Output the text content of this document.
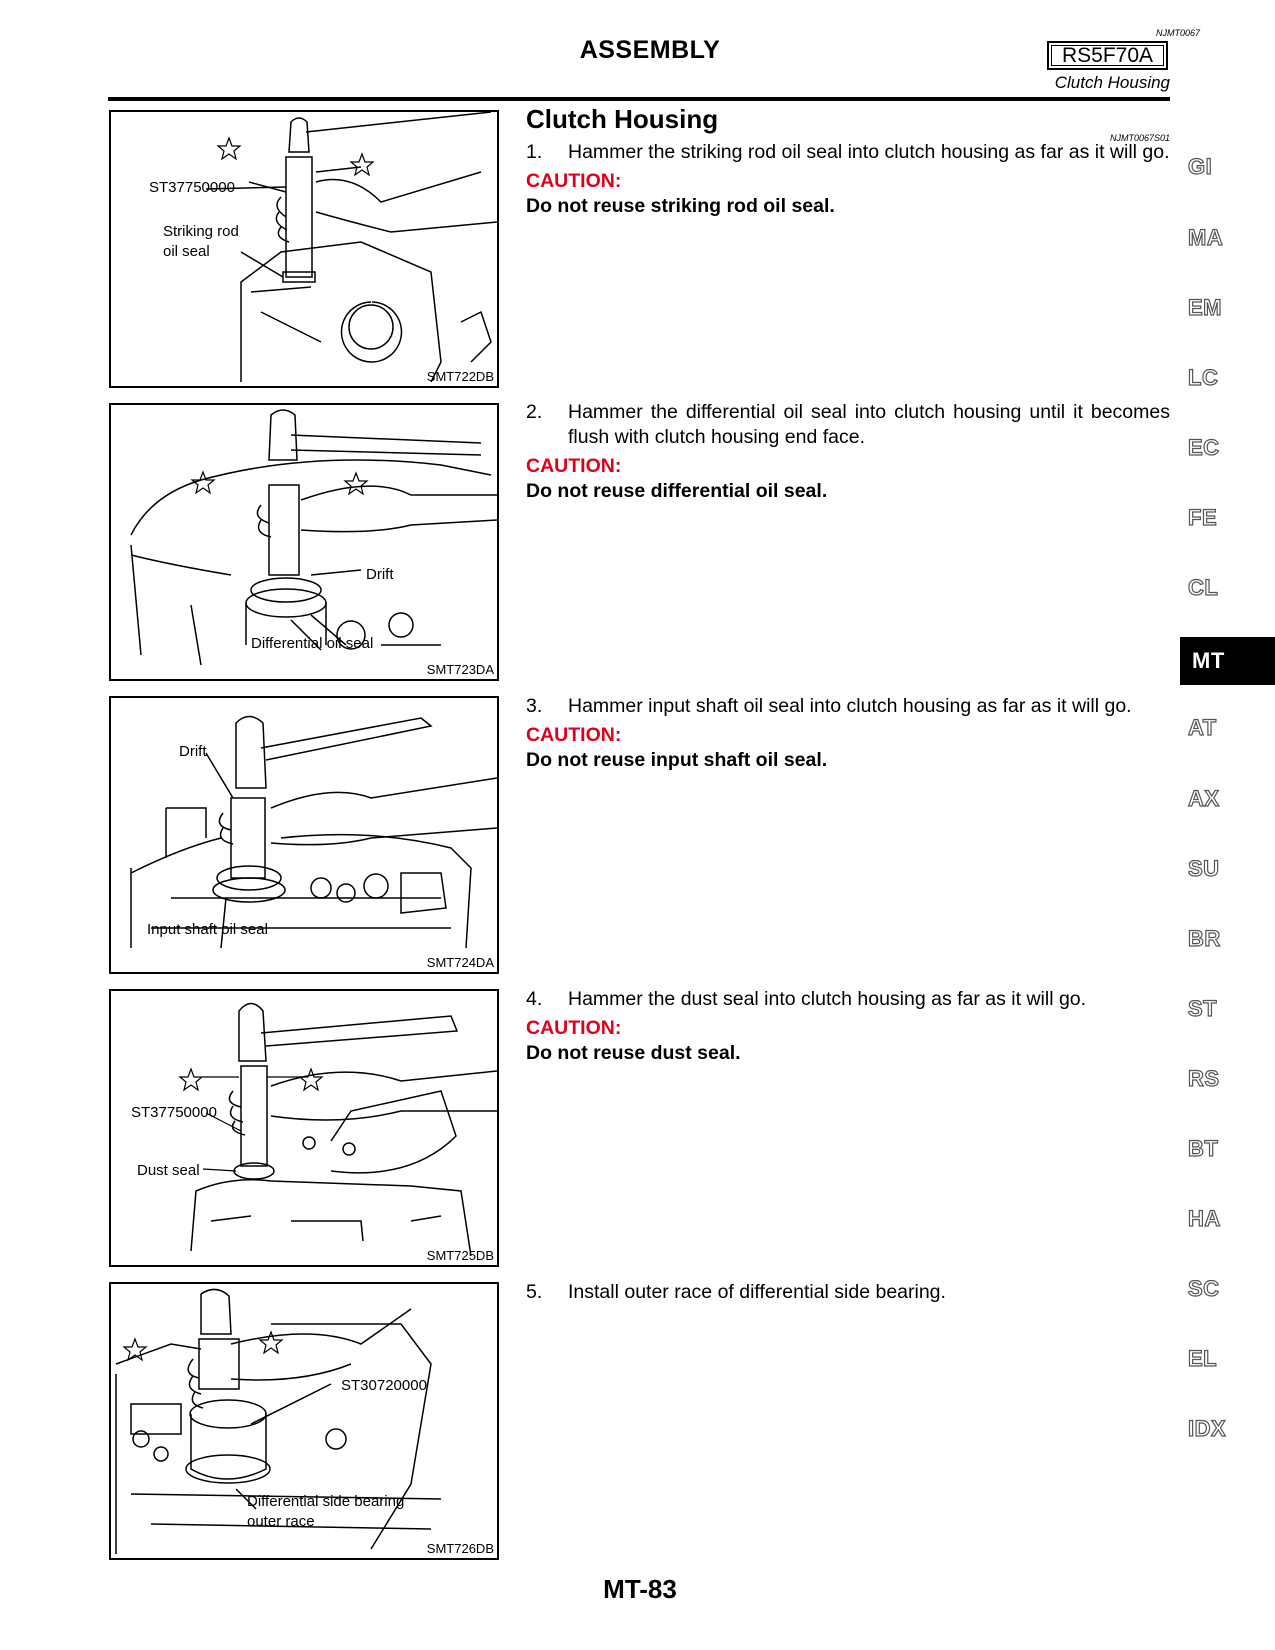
NJMT0067
ASSEMBLY	RS5F70A
Clutch Housing
ST37750000
Striking rod
oil seal
SMT722DB
Drift
Differential oil seal
SMT723DA
Drift
Input shaft oil seal
SMT724DA
ST37750000
Dust seal
SMT725DB
ST30720000
Differential side bearing
outer race
SMT726DB
Clutch Housing
NJMT0067S01
1.	Hammer the striking rod oil seal into clutch housing as far as it will go.
CAUTION:
Do not reuse striking rod oil seal.
2.	Hammer the differential oil seal into clutch housing until it becomes flush with clutch housing end face.
CAUTION:
Do not reuse differential oil seal.
3.	Hammer input shaft oil seal into clutch housing as far as it will go.
CAUTION:
Do not reuse input shaft oil seal.
4.	Hammer the dust seal into clutch housing as far as it will go.
CAUTION:
Do not reuse dust seal.
5.	Install outer race of differential side bearing.
GI
MA
EM
LC
EC
FE
CL
MT
AT
AX
SU
BR
ST
RS
BT
HA
SC
EL
IDX
MT-83
